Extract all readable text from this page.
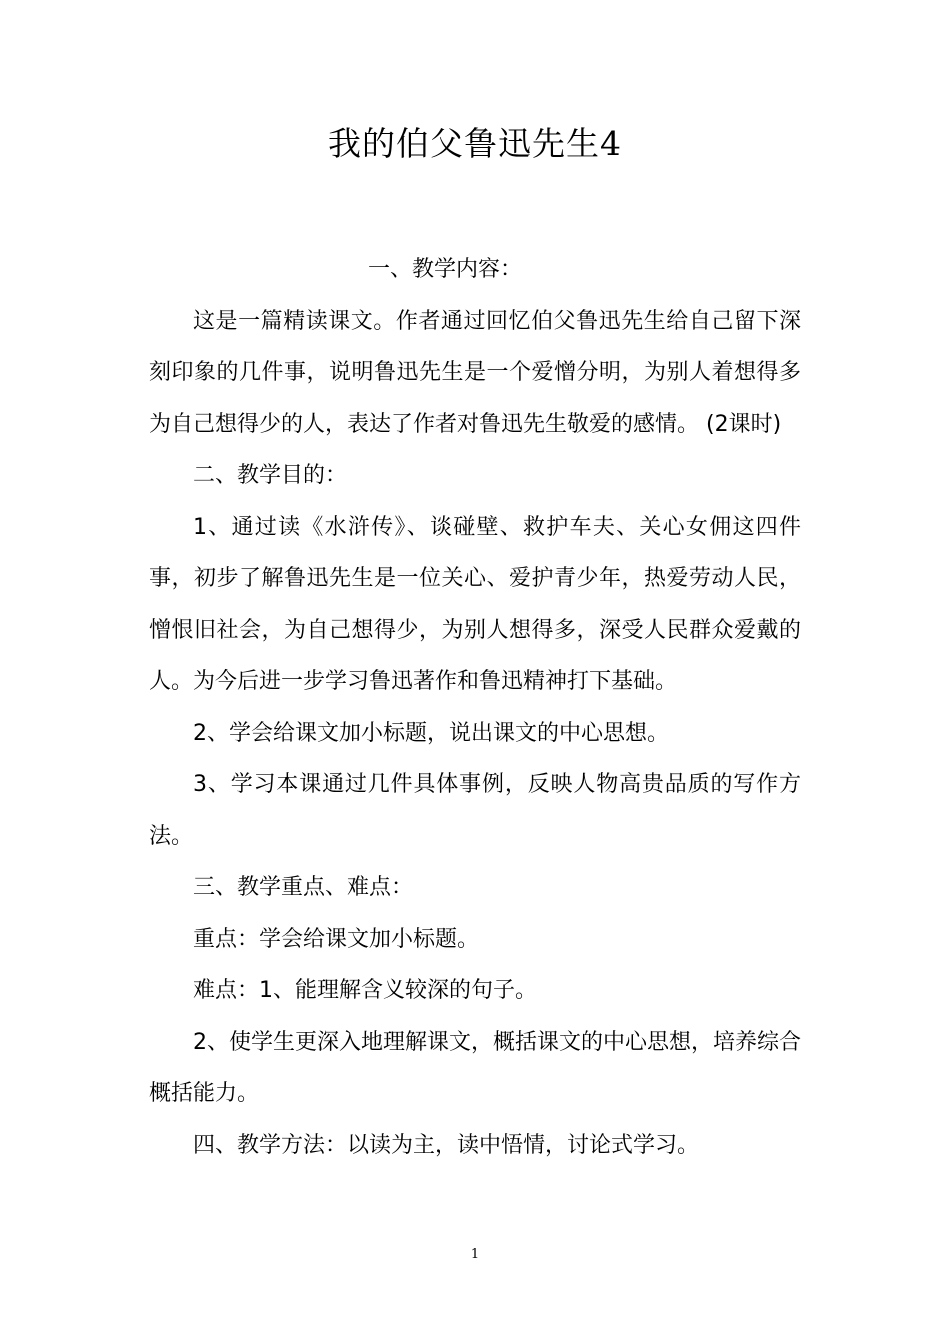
我的伯父鲁迅先生4

一、教学内容：

这是一篇精读课文。作者通过回忆伯父鲁迅先生给自己留下深刻印象的几件事，说明鲁迅先生是一个爱憎分明，为别人着想得多为自己想得少的人，表达了作者对鲁迅先生敬爱的感情。 (2课时)

二、教学目的：

1、通过读《水浒传》、谈碰壁、救护车夫、关心女佣这四件事，初步了解鲁迅先生是一位关心、爱护青少年，热爱劳动人民，憎恨旧社会，为自己想得少，为别人想得多，深受人民群众爱戴的人。为今后进一步学习鲁迅著作和鲁迅精神打下基础。

2、学会给课文加小标题，说出课文的中心思想。

3、学习本课通过几件具体事例，反映人物高贵品质的写作方法。

三、教学重点、难点：

重点：学会给课文加小标题。

难点：1、能理解含义较深的句子。

2、使学生更深入地理解课文，概括课文的中心思想，培养综合概括能力。

四、教学方法：以读为主，读中悟情，讨论式学习。

1
